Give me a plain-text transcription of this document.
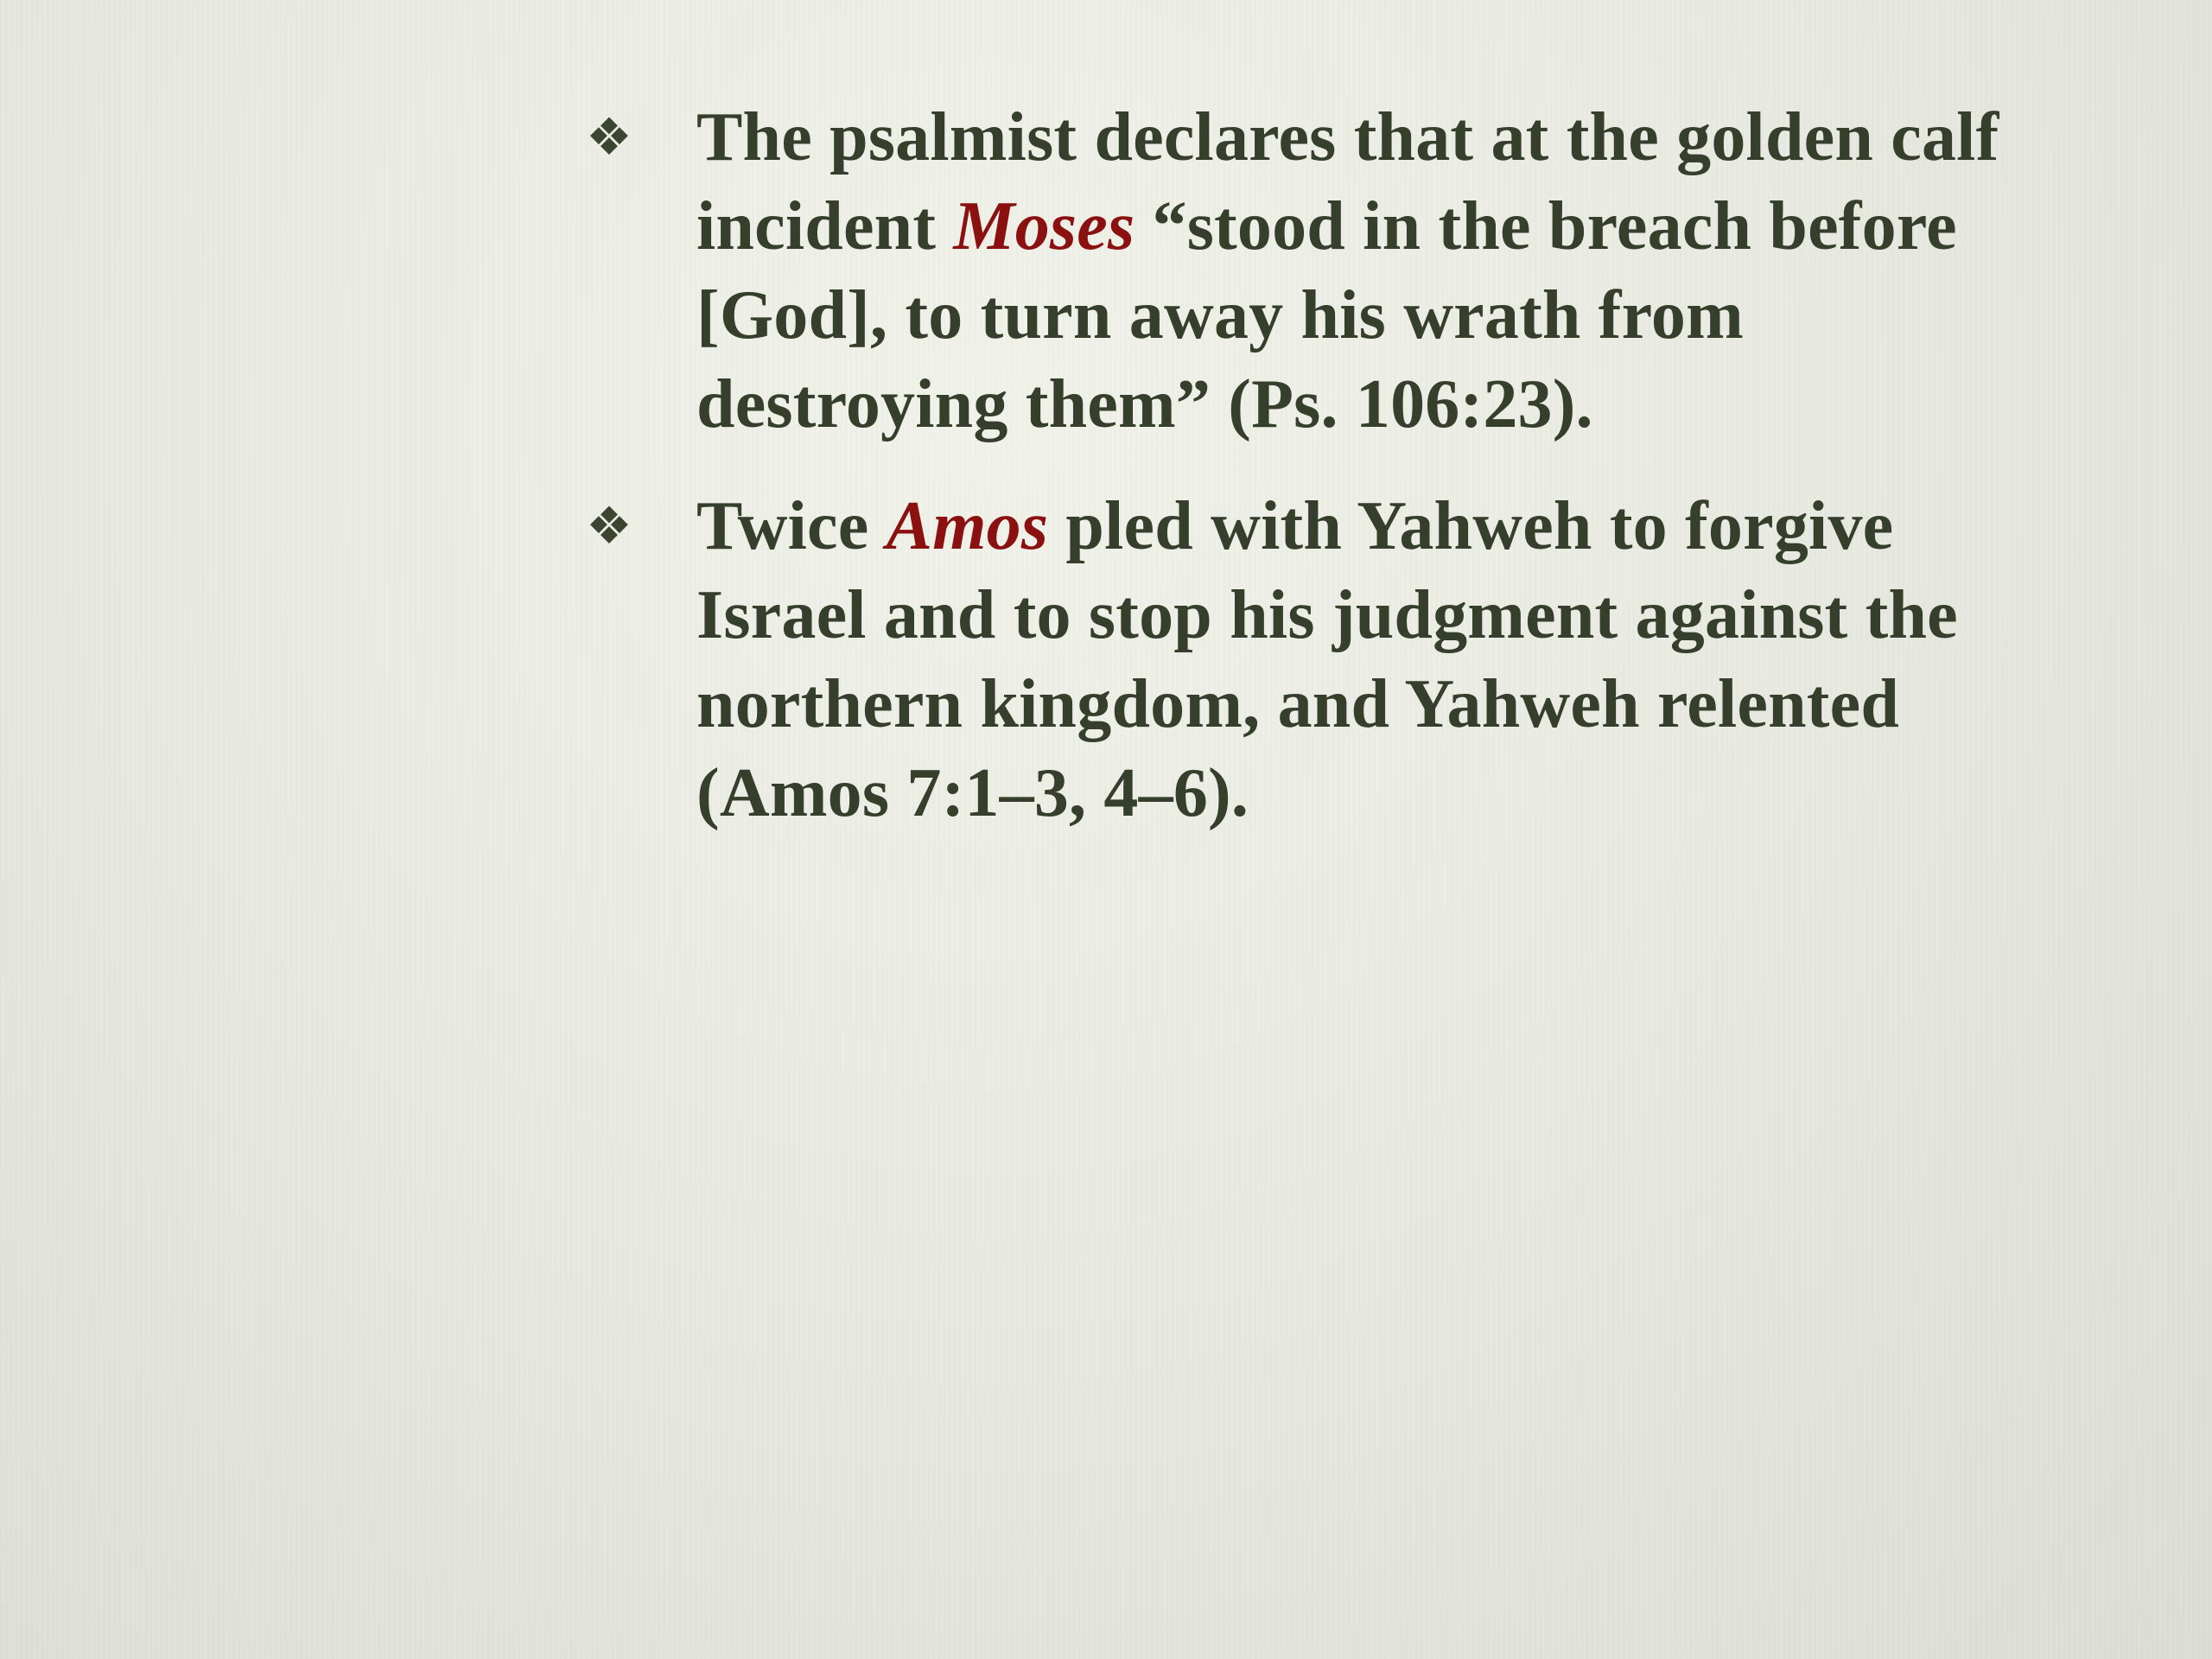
❖ The psalmist declares that at the golden calf incident Moses “stood in the breach before [God], to turn away his wrath from destroying them” (Ps. 106:23).
❖ Twice Amos pled with Yahweh to forgive Israel and to stop his judgment against the northern kingdom, and Yahweh relented (Amos 7:1–3, 4–6).
